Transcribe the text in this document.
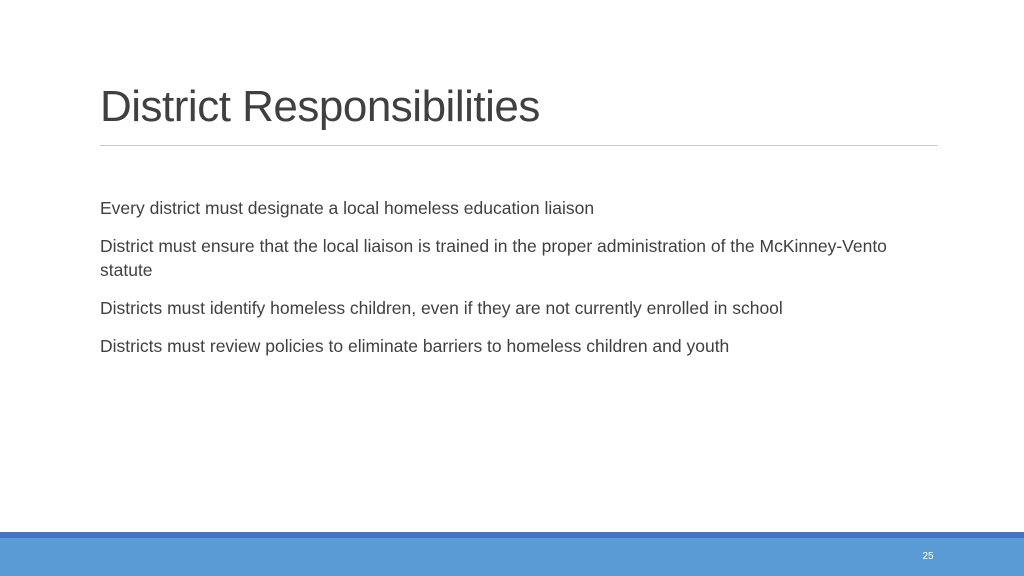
District Responsibilities
Every district must designate a local homeless education liaison
District must ensure that the local liaison is trained in the proper administration of the McKinney-Vento statute
Districts must identify homeless children, even if they are not currently enrolled in school
Districts must review policies to eliminate barriers to homeless children and youth
25
